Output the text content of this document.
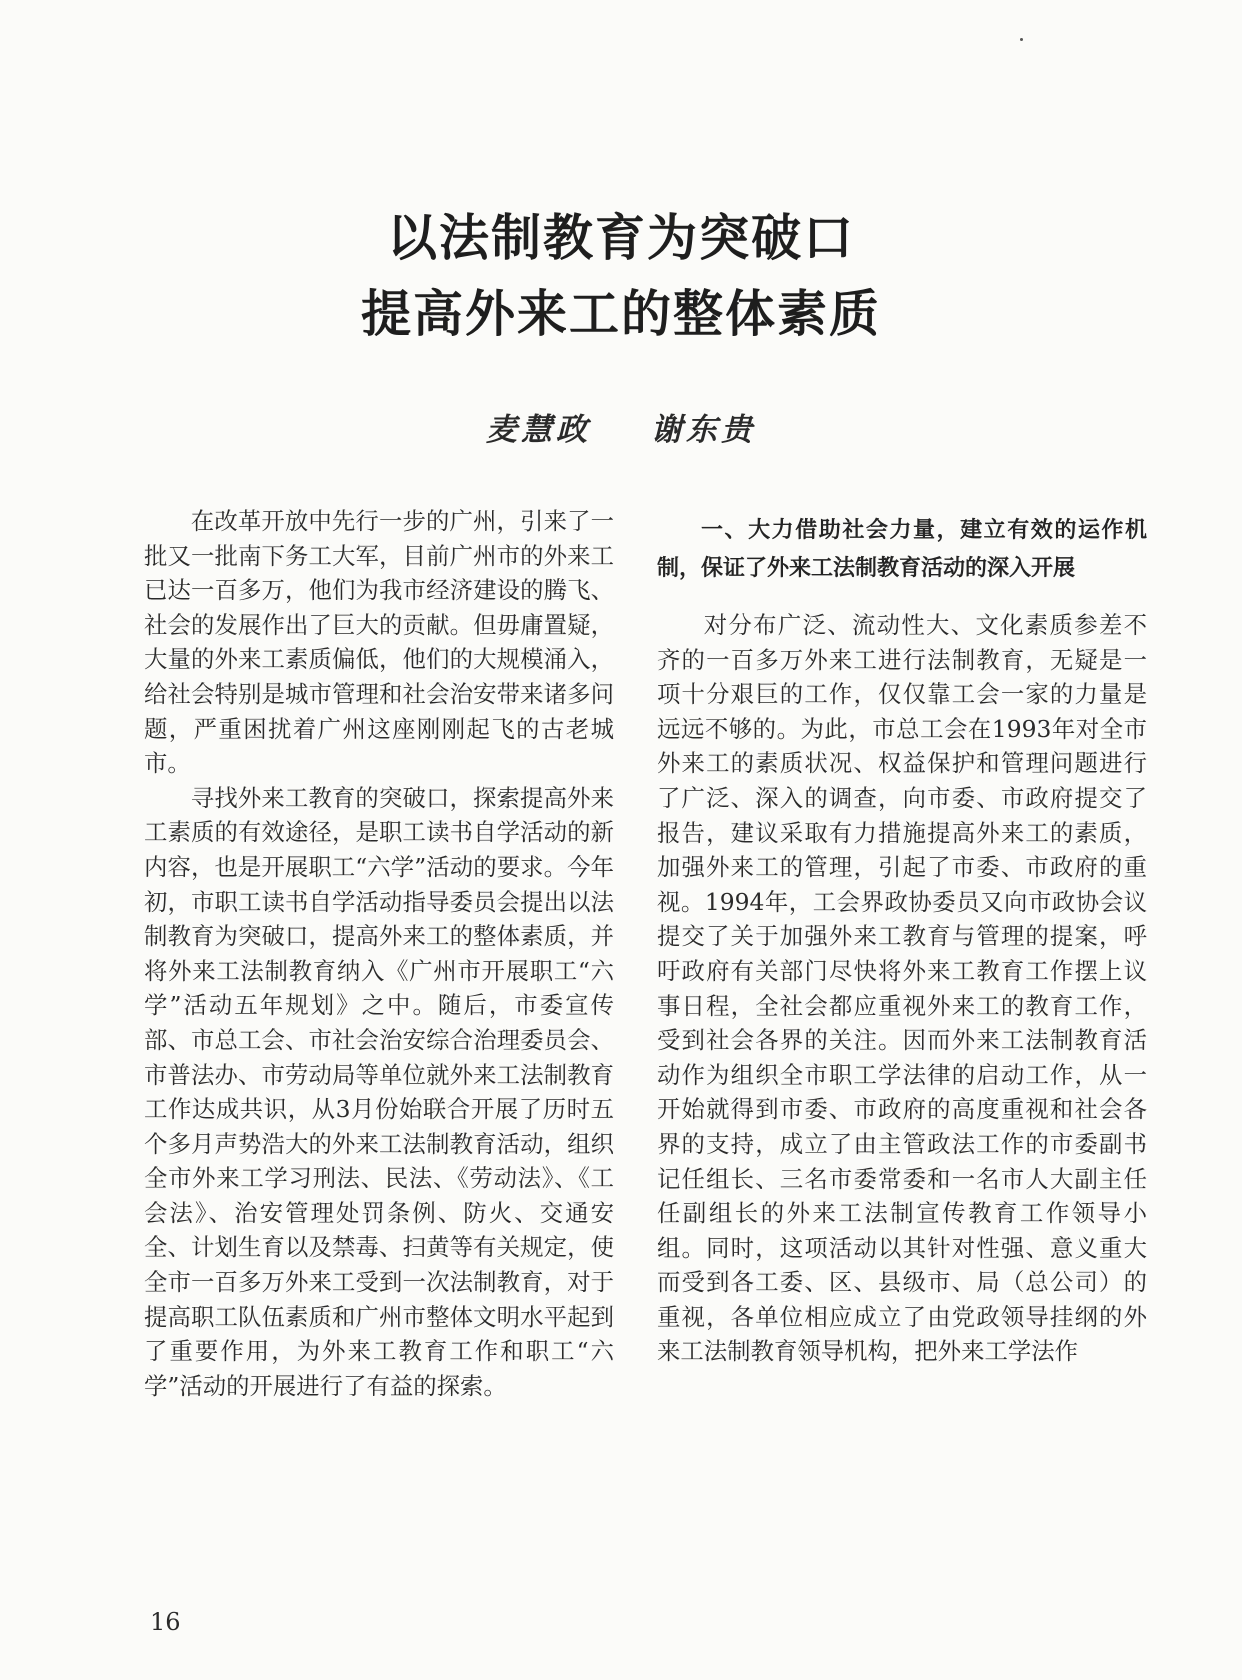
以法制教育为突破口
提高外来工的整体素质
麦慧政 谢东贵

在改革开放中先行一步的广州，引来了一批又一批南下务工大军，目前广州市的外来工已达一百多万，他们为我市经济建设的腾飞、社会的发展作出了巨大的贡献。但毋庸置疑，大量的外来工素质偏低，他们的大规模涌入，给社会特别是城市管理和社会治安带来诸多问题，严重困扰着广州这座刚刚起飞的古老城市。

寻找外来工教育的突破口，探索提高外来工素质的有效途径，是职工读书自学活动的新内容，也是开展职工“六学”活动的要求。今年初，市职工读书自学活动指导委员会提出以法制教育为突破口，提高外来工的整体素质，并将外来工法制教育纳入《广州市开展职工“六学”活动五年规划》之中。随后，市委宣传部、市总工会、市社会治安综合治理委员会、市普法办、市劳动局等单位就外来工法制教育工作达成共识，从3月份始联合开展了历时五个多月声势浩大的外来工法制教育活动，组织全市外来工学习刑法、民法、《劳动法》、《工会法》、治安管理处罚条例、防火、交通安全、计划生育以及禁毒、扫黄等有关规定，使全市一百多万外来工受到一次法制教育，对于提高职工队伍素质和广州市整体文明水平起到了重要作用，为外来工教育工作和职工“六学”活动的开展进行了有益的探索。

一、大力借助社会力量，建立有效的运作机制，保证了外来工法制教育活动的深入开展

对分布广泛、流动性大、文化素质参差不齐的一百多万外来工进行法制教育，无疑是一项十分艰巨的工作，仅仅靠工会一家的力量是远远不够的。为此，市总工会在1993年对全市外来工的素质状况、权益保护和管理问题进行了广泛、深入的调查，向市委、市政府提交了报告，建议采取有力措施提高外来工的素质，加强外来工的管理，引起了市委、市政府的重视。1994年，工会界政协委员又向市政协会议提交了关于加强外来工教育与管理的提案，呼吁政府有关部门尽快将外来工教育工作摆上议事日程，全社会都应重视外来工的教育工作，受到社会各界的关注。因而外来工法制教育活动作为组织全市职工学法律的启动工作，从一开始就得到市委、市政府的高度重视和社会各界的支持，成立了由主管政法工作的市委副书记任组长、三名市委常委和一名市人大副主任任副组长的外来工法制宣传教育工作领导小组。同时，这项活动以其针对性强、意义重大而受到各工委、区、县级市、局（总公司）的重视，各单位相应成立了由党政领导挂纲的外来工法制教育领导机构，把外来工学法作

16
